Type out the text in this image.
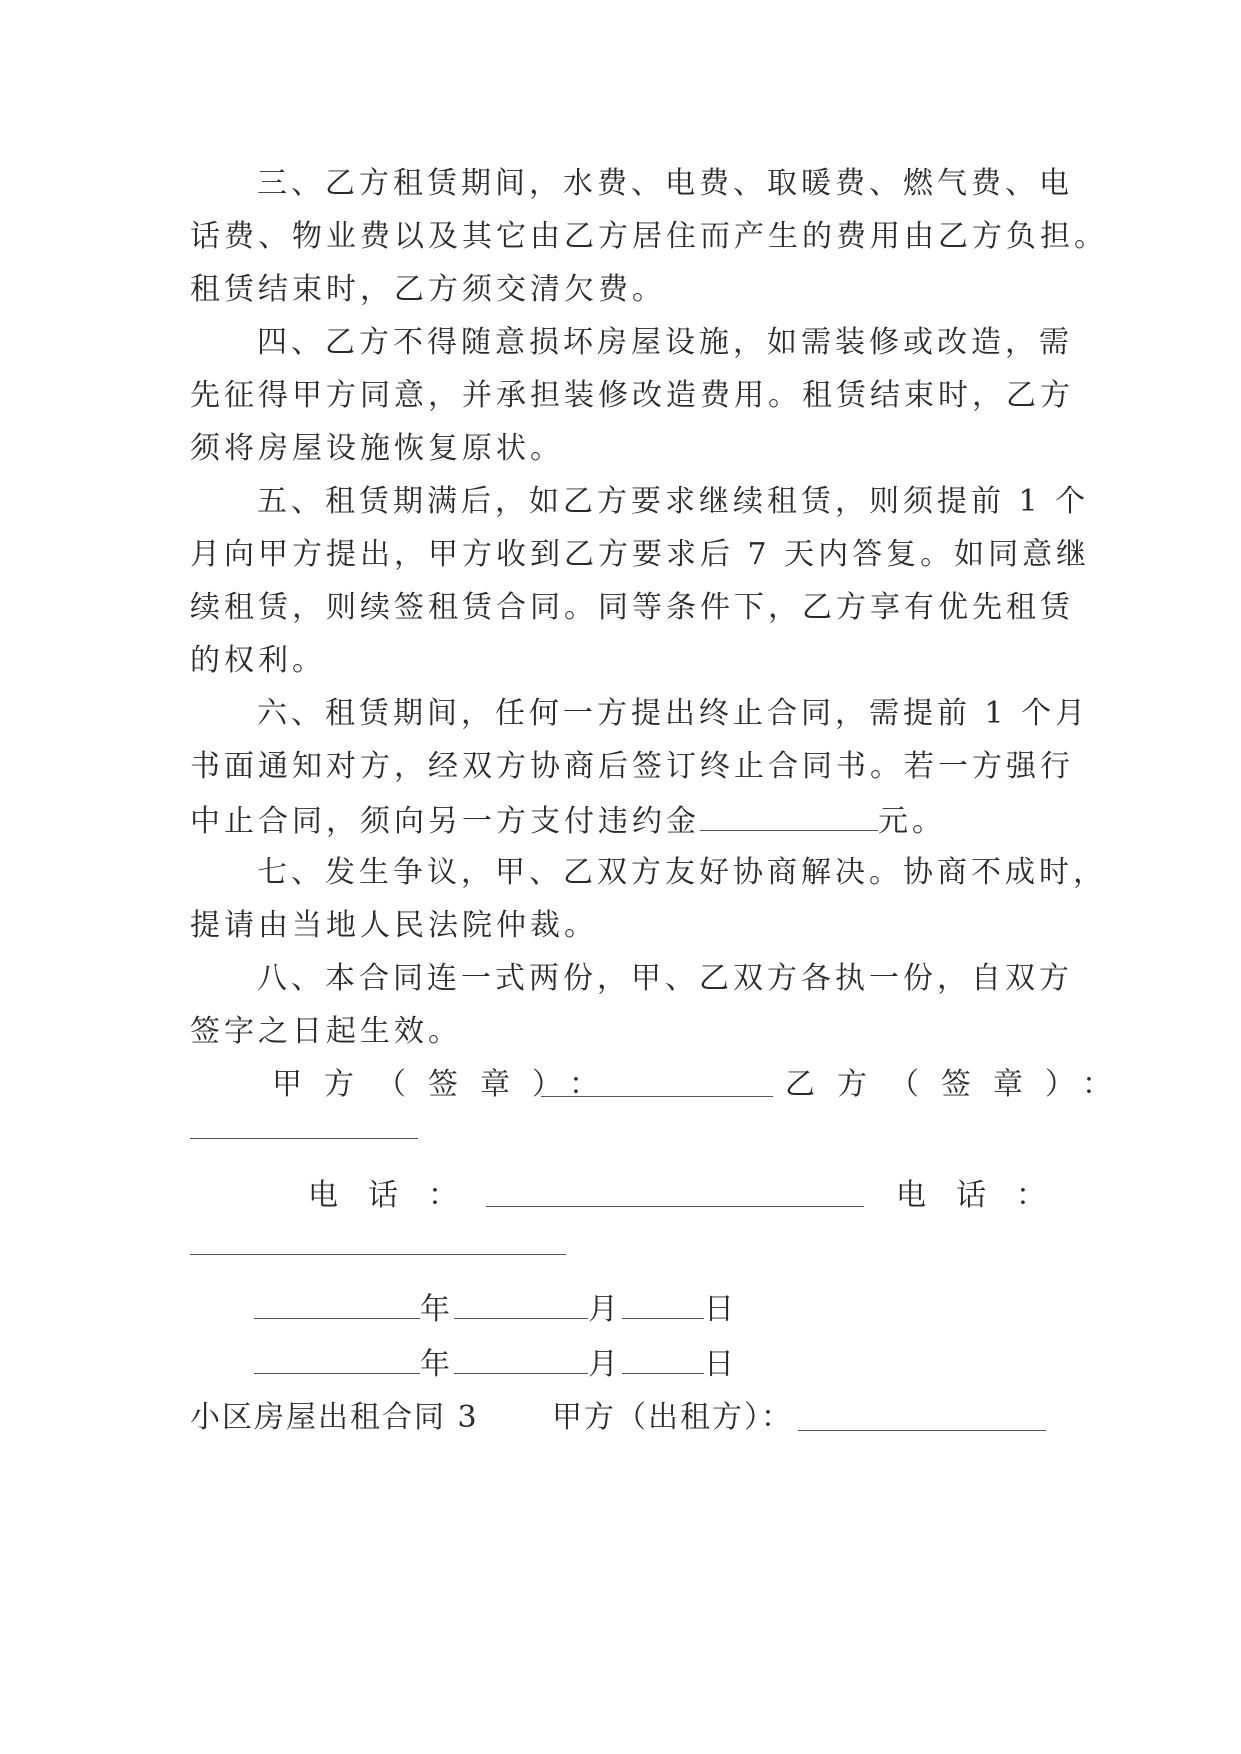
三、乙方租赁期间，水费、电费、取暖费、燃气费、电
话费、物业费以及其它由乙方居住而产生的费用由乙方负担。
租赁结束时，乙方须交清欠费。
四、乙方不得随意损坏房屋设施，如需装修或改造，需
先征得甲方同意，并承担装修改造费用。租赁结束时，乙方
须将房屋设施恢复原状。
五、租赁期满后，如乙方要求继续租赁，则须提前 1 个
月向甲方提出，甲方收到乙方要求后 7 天内答复。如同意继
续租赁，则续签租赁合同。同等条件下，乙方享有优先租赁
的权利。
六、租赁期间，任何一方提出终止合同，需提前 1 个月
书面通知对方，经双方协商后签订终止合同书。若一方强行
中止合同，须向另一方支付违约金	元。
七、发生争议，甲、乙双方友好协商解决。协商不成时，
提请由当地人民法院仲裁。
八、本合同连一式两份，甲、乙双方各执一份，自双方
签字之日起生效。
甲方（签章）：	乙方（签章）：
电话：	电话：
年	月	日
年	月	日
小区房屋出租合同 3	甲方（出租方）：
